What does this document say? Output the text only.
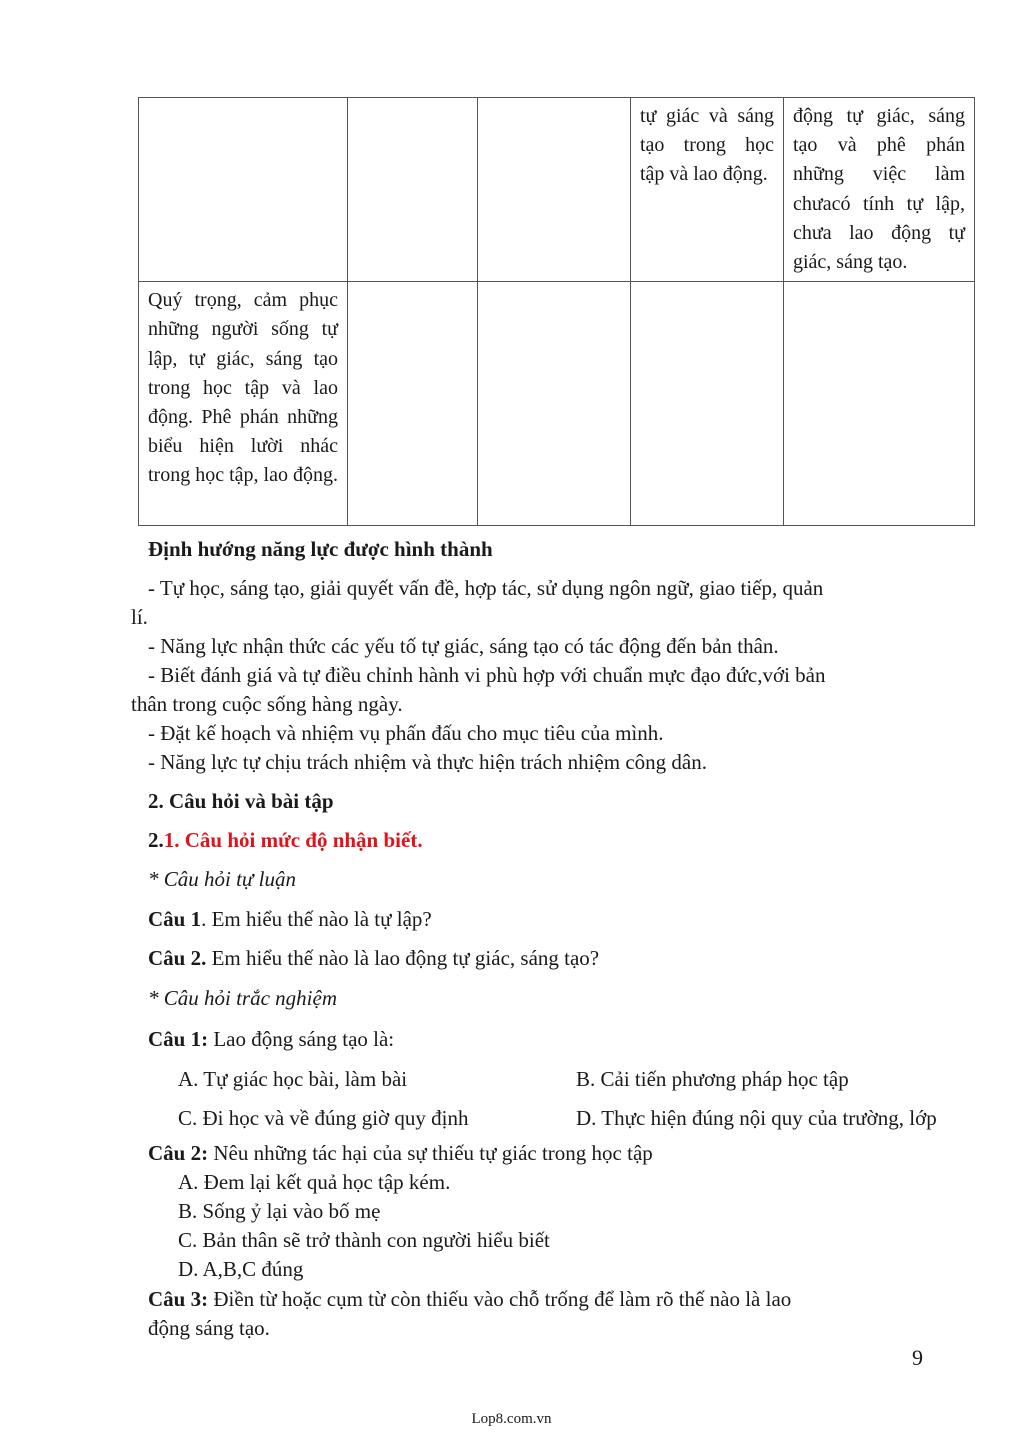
			tự giác và sáng tạo trong học tập và lao động.	động tự giác, sáng tạo và phê phán những việc làm chưacó tính tự lập, chưa lao động tự giác, sáng tạo.
Quý trọng, cảm phục những người sống tự lập, tự giác, sáng tạo trong học tập và lao động. Phê phán những biểu hiện lười nhác trong học tập, lao động.				
Định hướng năng lực được hình thành
- Tự học, sáng tạo, giải quyết vấn đề, hợp tác, sử dụng ngôn ngữ, giao tiếp, quản
lí.
- Năng lực nhận thức các yếu tố tự giác, sáng tạo có tác động đến bản thân.
- Biết đánh giá và tự điều chỉnh hành vi phù hợp với chuẩn mực đạo đức,với bản
thân trong cuộc sống hàng ngày.
- Đặt kế hoạch và nhiệm vụ phấn đấu cho mục tiêu của mình.
- Năng lực tự chịu trách nhiệm và thực hiện trách nhiệm công dân.
2. Câu hỏi và bài tập
2.1. Câu hỏi mức độ nhận biết.
* Câu hỏi tự luận
Câu 1. Em hiểu thế nào là tự lập?
Câu 2. Em hiểu thế nào là lao động tự giác, sáng tạo?
* Câu hỏi trắc nghiệm
Câu 1: Lao động sáng tạo là:
A. Tự giác học bài, làm bài	B. Cải tiến phương pháp học tập
C. Đi học và về đúng giờ quy định	D. Thực hiện đúng nội quy của trường, lớp
Câu 2: Nêu những tác hại của sự thiếu tự giác trong học tập
A. Đem lại kết quả học tập kém.
B. Sống ỷ lại vào bố mẹ
C. Bản thân sẽ trở thành con người hiểu biết
D. A,B,C đúng
Câu 3: Điền từ hoặc cụm từ còn thiếu vào chỗ trống để làm rõ thế nào là lao
động sáng tạo.
9
Lop8.com.vn
